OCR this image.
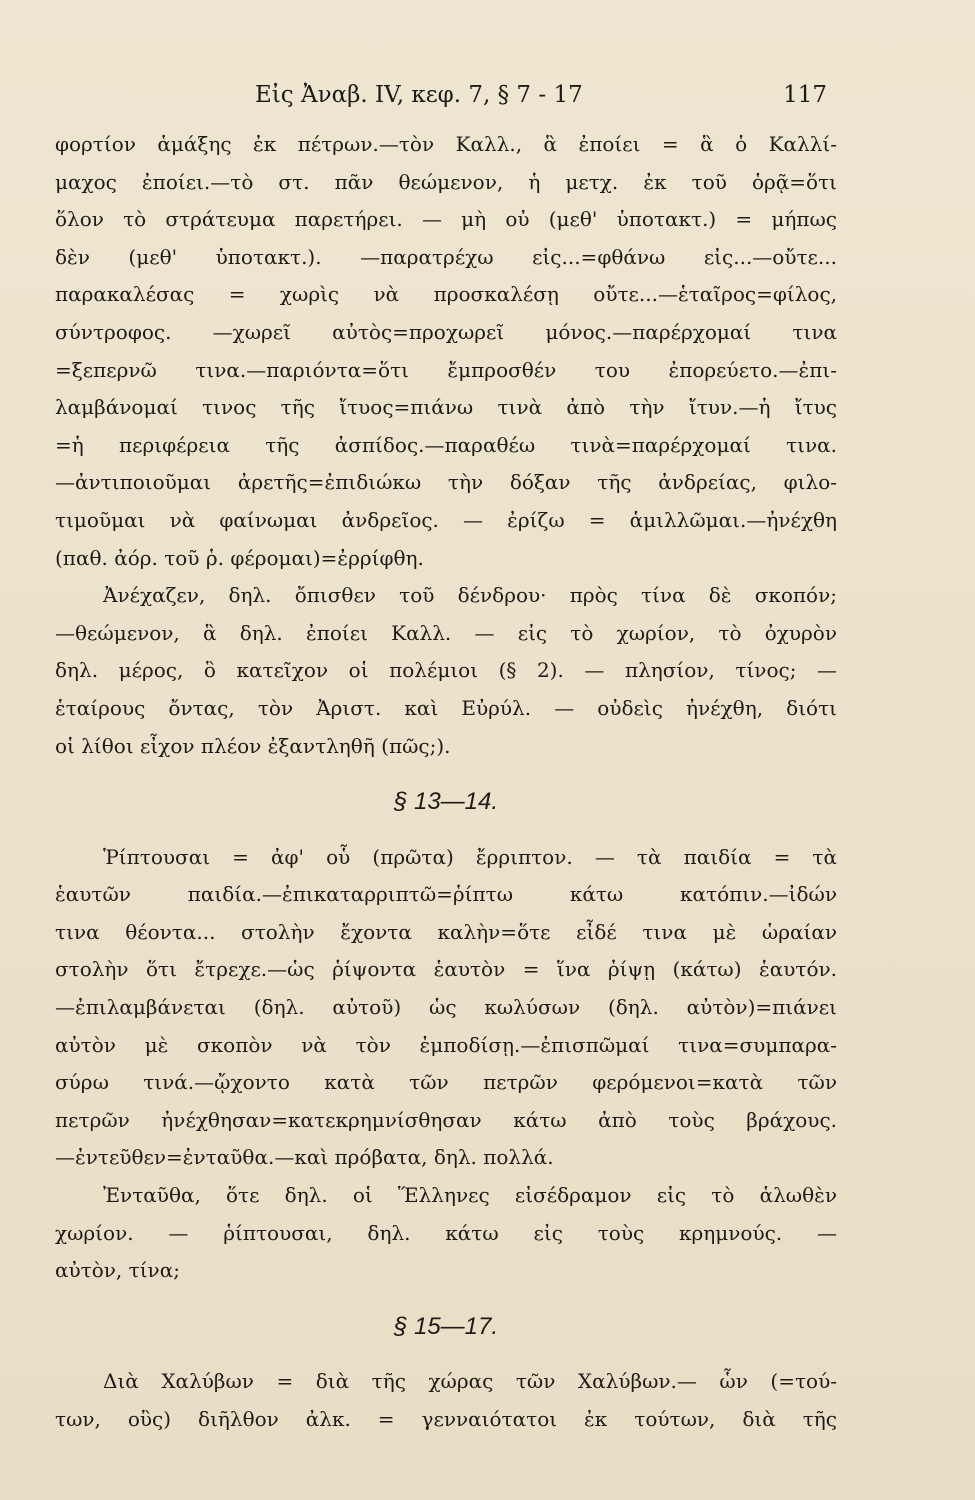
Εἰς Ἀναβ. IV, κεφ. 7, § 7 - 17	117
φορτίον ἁμάξης ἐκ πέτρων.—τὸν Καλλ., ἃ ἐποίει = ἃ ὁ Καλλί-
μαχος ἐποίει.—τὸ στ. πᾶν θεώμενον, ἡ μετχ. ἐκ τοῦ ὁρᾷ=ὅτι
ὅλον τὸ στράτευμα παρετήρει. — μὴ οὐ (μεθ' ὑποτακτ.) = μήπως
δὲν (μεθ' ὑποτακτ.). —παρατρέχω εἰς...=φθάνω εἰς...—οὔτε...
παρακαλέσας = χωρὶς νὰ προσκαλέσῃ οὔτε...—ἑταῖρος=φίλος,
σύντροφος. —χωρεῖ αὐτὸς=προχωρεῖ μόνος.—παρέρχομαί τινα
=ξεπερνῶ τινα.—παριόντα=ὅτι ἔμπροσθέν του ἐπορεύετο.—ἐπι-
λαμβάνομαί τινος τῆς ἴτυος=πιάνω τινὰ ἀπὸ τὴν ἴτυν.—ἡ ἴτυς
=ἡ περιφέρεια τῆς ἀσπίδος.—παραθέω τινὰ=παρέρχομαί τινα.
—ἀντιποιοῦμαι ἀρετῆς=ἐπιδιώκω τὴν δόξαν τῆς ἀνδρείας, φιλο-
τιμοῦμαι νὰ φαίνωμαι ἀνδρεῖος. — ἐρίζω = ἁμιλλῶμαι.—ἠνέχθη
(παθ. ἀόρ. τοῦ ῥ. φέρομαι)=ἐρρίφθη.
Ἀνέχαζεν, δηλ. ὄπισθεν τοῦ δένδρου· πρὸς τίνα δὲ σκοπόν;
—θεώμενον, ἃ δηλ. ἐποίει Καλλ. — εἰς τὸ χωρίον, τὸ ὀχυρὸν
δηλ. μέρος, ὃ κατεῖχον οἱ πολέμιοι (§ 2). — πλησίον, τίνος; —
ἑταίρους ὄντας, τὸν Ἀριστ. καὶ Εὐρύλ. — οὐδεὶς ἠνέχθη, διότι
οἱ λίθοι εἶχον πλέον ἐξαντληθῆ (πῶς;).
§ 13—14.
Ῥίπτουσαι = ἀφ' οὗ (πρῶτα) ἔρριπτον. — τὰ παιδία = τὰ
ἑαυτῶν παιδία.—ἐπικαταρριπτῶ=ῥίπτω κάτω κατόπιν.—ἰδών
τινα θέοντα... στολὴν ἔχοντα καλὴν=ὅτε εἶδέ τινα μὲ ὡραίαν
στολὴν ὅτι ἔτρεχε.—ὡς ῥίψοντα ἑαυτὸν = ἵνα ῥίψῃ (κάτω) ἑαυτόν.
—ἐπιλαμβάνεται (δηλ. αὐτοῦ) ὡς κωλύσων (δηλ. αὐτὸν)=πιάνει
αὐτὸν μὲ σκοπὸν νὰ τὸν ἐμποδίσῃ.—ἐπισπῶμαί τινα=συμπαρα-
σύρω τινά.—ᾤχοντο κατὰ τῶν πετρῶν φερόμενοι=κατὰ τῶν
πετρῶν ἠνέχθησαν=κατεκρημνίσθησαν κάτω ἀπὸ τοὺς βράχους.
—ἐντεῦθεν=ἐνταῦθα.—καὶ πρόβατα, δηλ. πολλά.
Ἐνταῦθα, ὅτε δηλ. οἱ Ἕλληνες εἰσέδραμον εἰς τὸ ἁλωθὲν
χωρίον. — ῥίπτουσαι, δηλ. κάτω εἰς τοὺς κρημνούς. —
αὐτὸν, τίνα;
§ 15—17.
Διὰ Χαλύβων = διὰ τῆς χώρας τῶν Χαλύβων.— ὧν (=τού-
των, οὓς) διῆλθον ἀλκ. = γενναιότατοι ἐκ τούτων, διὰ τῆς
